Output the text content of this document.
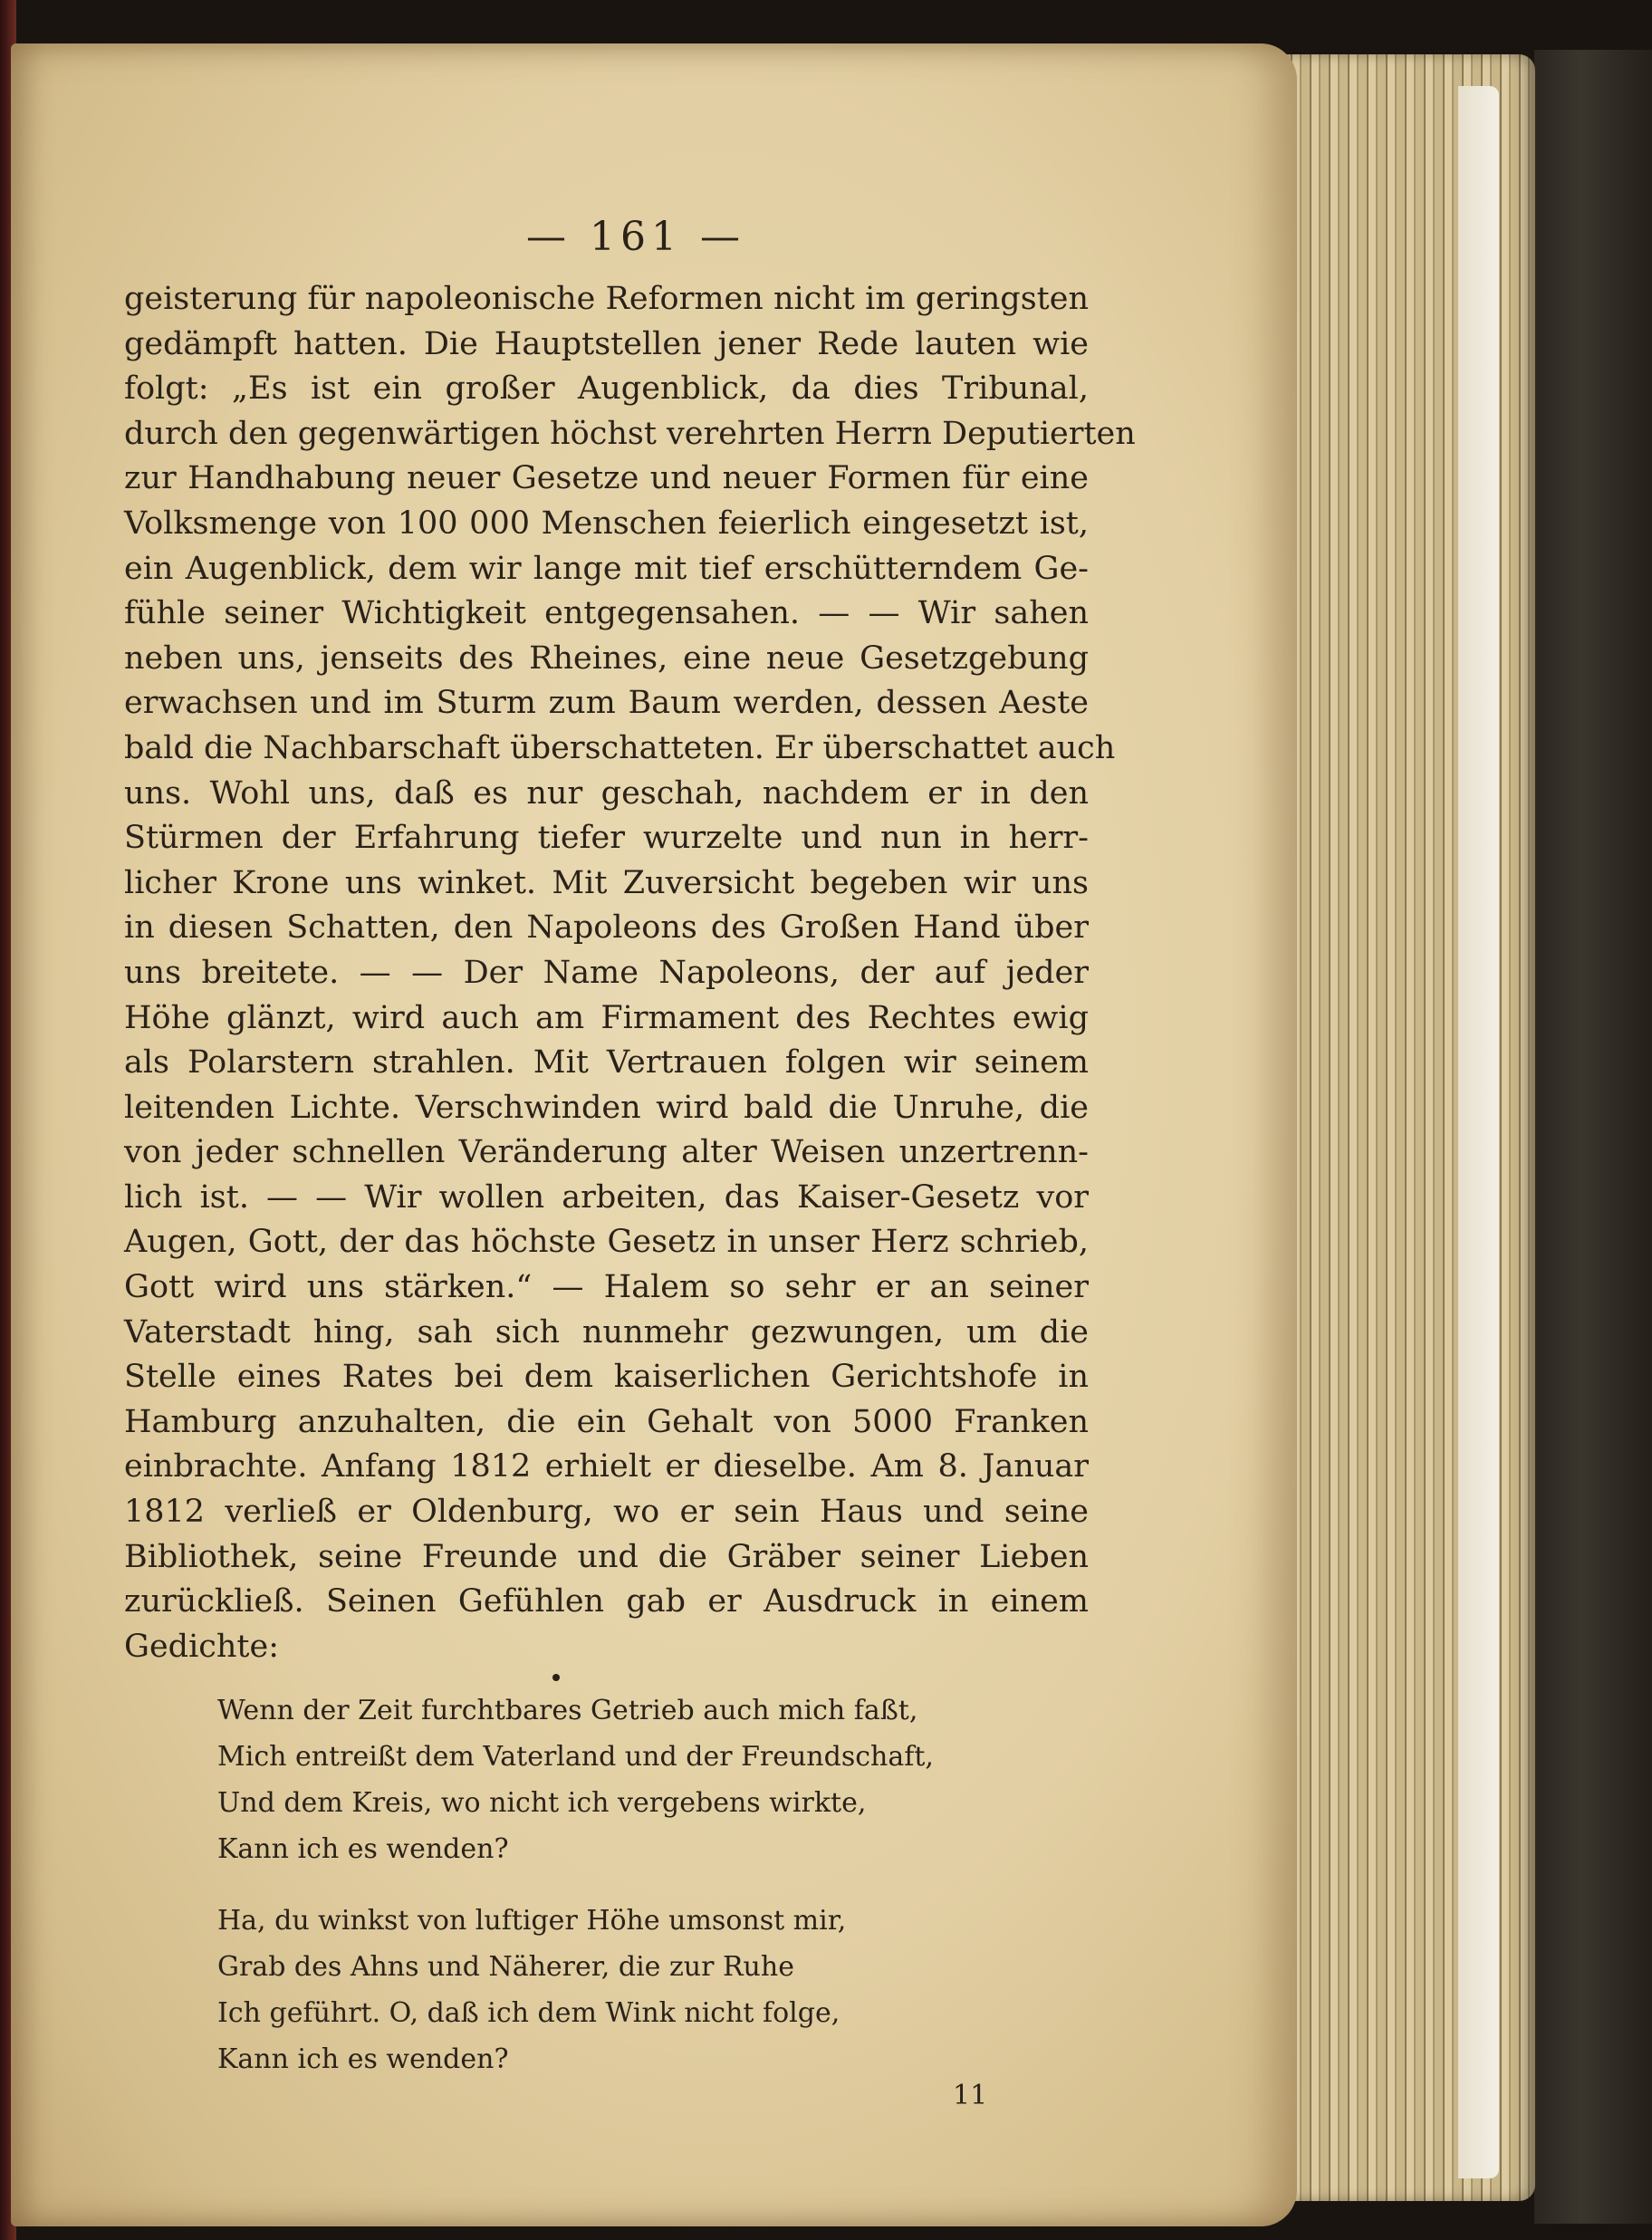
— 161 —
geisterung für napoleonische Reformen nicht im geringsten
gedämpft hatten. Die Hauptstellen jener Rede lauten wie
folgt: „Es ist ein großer Augenblick, da dies Tribunal,
durch den gegenwärtigen höchst verehrten Herrn Deputierten
zur Handhabung neuer Gesetze und neuer Formen für eine
Volksmenge von 100 000 Menschen feierlich eingesetzt ist,
ein Augenblick, dem wir lange mit tief erschütterndem Ge-
fühle seiner Wichtigkeit entgegensahen. — — Wir sahen
neben uns, jenseits des Rheines, eine neue Gesetzgebung
erwachsen und im Sturm zum Baum werden, dessen Aeste
bald die Nachbarschaft überschatteten. Er überschattet auch
uns. Wohl uns, daß es nur geschah, nachdem er in den
Stürmen der Erfahrung tiefer wurzelte und nun in herr-
licher Krone uns winket. Mit Zuversicht begeben wir uns
in diesen Schatten, den Napoleons des Großen Hand über
uns breitete. — — Der Name Napoleons, der auf jeder
Höhe glänzt, wird auch am Firmament des Rechtes ewig
als Polarstern strahlen. Mit Vertrauen folgen wir seinem
leitenden Lichte. Verschwinden wird bald die Unruhe, die
von jeder schnellen Veränderung alter Weisen unzertrenn-
lich ist. — — Wir wollen arbeiten, das Kaiser-Gesetz vor
Augen, Gott, der das höchste Gesetz in unser Herz schrieb,
Gott wird uns stärken.“ — Halem so sehr er an seiner
Vaterstadt hing, sah sich nunmehr gezwungen, um die
Stelle eines Rates bei dem kaiserlichen Gerichtshofe in
Hamburg anzuhalten, die ein Gehalt von 5000 Franken
einbrachte. Anfang 1812 erhielt er dieselbe. Am 8. Januar
1812 verließ er Oldenburg, wo er sein Haus und seine
Bibliothek, seine Freunde und die Gräber seiner Lieben
zurückließ. Seinen Gefühlen gab er Ausdruck in einem
Gedichte:
Wenn der Zeit furchtbares Getrieb auch mich faßt,
Mich entreißt dem Vaterland und der Freundschaft,
Und dem Kreis, wo nicht ich vergebens wirkte,
Kann ich es wenden?
Ha, du winkst von luftiger Höhe umsonst mir,
Grab des Ahns und Näherer, die zur Ruhe
Ich geführt. O, daß ich dem Wink nicht folge,
Kann ich es wenden?
11
